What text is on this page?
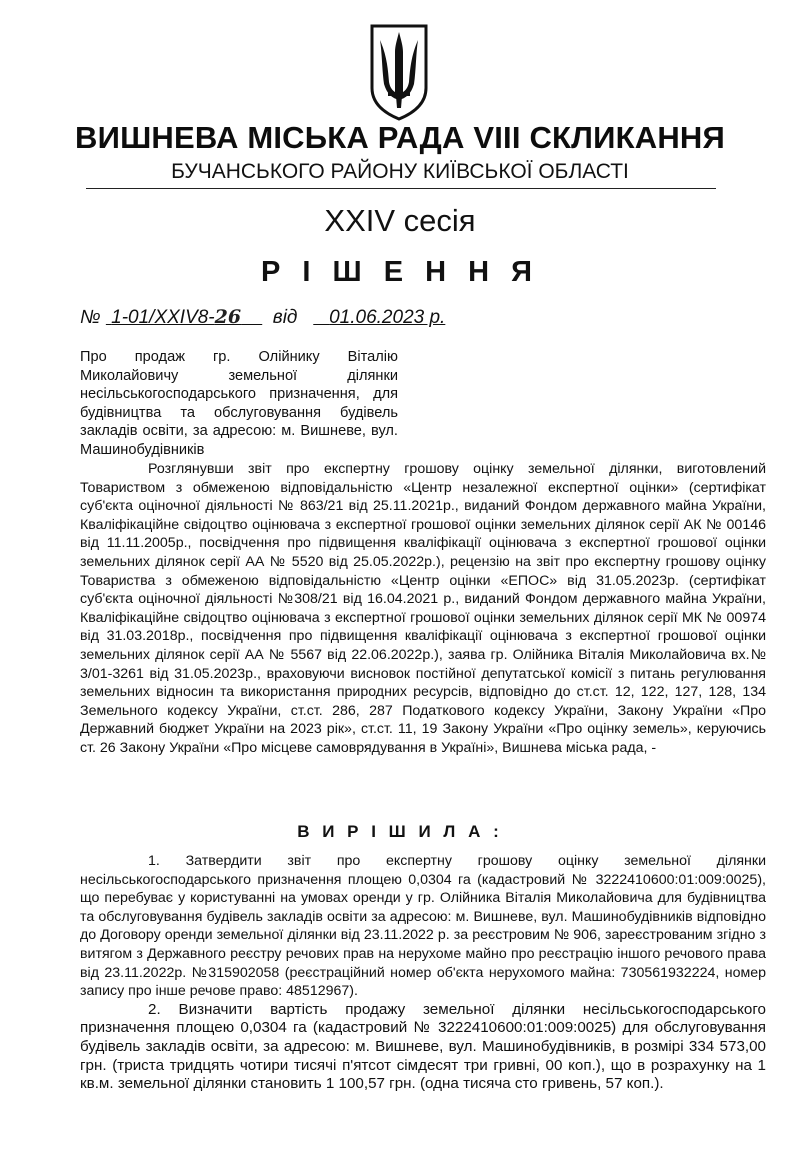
ВИШНЕВА МІСЬКА РАДА VIII СКЛИКАННЯ
БУЧАНСЬКОГО РАЙОНУ КИЇВСЬКОЇ ОБЛАСТІ
XXIV сесія
Р І Ш Е Н Н Я
№ 1-01/XXIV8-26 від 01.06.2023 р.
Про продаж гр. Олійнику Віталію Миколайовичу земельної ділянки несільськогосподарського призначення, для будівництва та обслуговування будівель закладів освіти, за адресою: м. Вишневе, вул. Машинобудівників

Розглянувши звіт про експертну грошову оцінку земельної ділянки, виготовлений Товариством з обмеженою відповідальністю «Центр незалежної експертної оцінки» (сертифікат суб'єкта оціночної діяльності № 863/21 від 25.11.2021р., виданий Фондом державного майна України, Кваліфікаційне свідоцтво оцінювача з експертної грошової оцінки земельних ділянок серії АК № 00146 від 11.11.2005р., посвідчення про підвищення кваліфікації оцінювача з експертної грошової оцінки земельних ділянок серії АА № 5520 від 25.05.2022р.), рецензію на звіт про експертну грошову оцінку Товариства з обмеженою відповідальністю «Центр оцінки «ЕПОС» від 31.05.2023р. (сертифікат суб'єкта оціночної діяльності №308/21 від 16.04.2021 р., виданий Фондом державного майна України, Кваліфікаційне свідоцтво оцінювача з експертної грошової оцінки земельних ділянок серії МК № 00974 від 31.03.2018р., посвідчення про підвищення кваліфікації оцінювача з експертної грошової оцінки земельних ділянок серії АА № 5567 від 22.06.2022р.), заява гр. Олійника Віталія Миколайовича вх.№ 3/01-3261 від 31.05.2023р., враховуючи висновок постійної депутатської комісії з питань регулювання земельних відносин та використання природних ресурсів, відповідно до ст.ст. 12, 122, 127, 128, 134 Земельного кодексу України, ст.ст. 286, 287 Податкового кодексу України, Закону України «Про Державний бюджет України на 2023 рік», ст.ст. 11, 19 Закону України «Про оцінку земель», керуючись ст. 26 Закону України «Про місцеве самоврядування в Україні», Вишнева міська рада, -

В И Р І Ш И Л А :

1. Затвердити звіт про експертну грошову оцінку земельної ділянки несільськогосподарського призначення площею 0,0304 га (кадастровий № 3222410600:01:009:0025), що перебуває у користуванні на умовах оренди у гр. Олійника Віталія Миколайовича для будівництва та обслуговування будівель закладів освіти за адресою: м. Вишневе, вул. Машинобудівників відповідно до Договору оренди земельної ділянки від 23.11.2022 р. за реєстровим № 906, зареєстрованим згідно з витягом з Державного реєстру речових прав на нерухоме майно про реєстрацію іншого речового права від 23.11.2022р. №315902058 (реєстраційний номер об'єкта нерухомого майна: 730561932224, номер запису про інше речове право: 48512967).

2. Визначити вартість продажу земельної ділянки несільськогосподарського призначення площею 0,0304 га (кадастровий № 3222410600:01:009:0025) для обслуговування будівель закладів освіти, за адресою: м. Вишневе, вул. Машинобудівників, в розмірі 334 573,00 грн. (триста тридцять чотири тисячі п'ятсот сімдесят три гривні, 00 коп.), що в розрахунку на 1 кв.м. земельної ділянки становить 1 100,57 грн. (одна тисяча сто гривень, 57 коп.).
